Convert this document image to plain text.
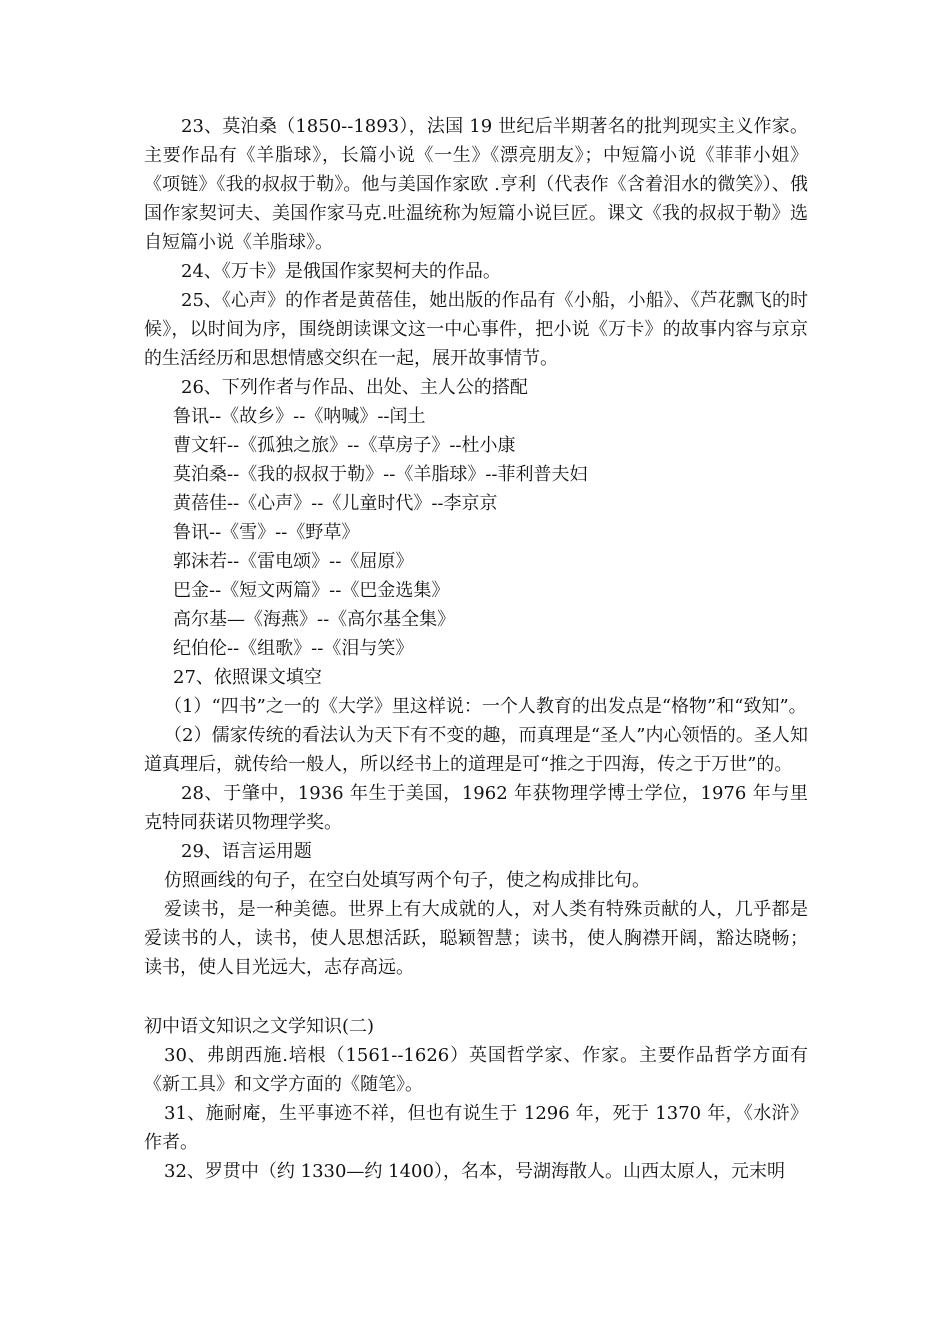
23、莫泊桑（1850--1893），法国 19 世纪后半期著名的批判现实主义作家。主要作品有《羊脂球》，长篇小说《一生》《漂亮朋友》；中短篇小说《菲菲小姐》《项链》《我的叔叔于勒》。他与美国作家欧 .亨利（代表作《含着泪水的微笑》）、俄国作家契诃夫、美国作家马克.吐温统称为短篇小说巨匠。课文《我的叔叔于勒》选自短篇小说《羊脂球》。

24、《万卡》是俄国作家契柯夫的作品。

25、《心声》的作者是黄蓓佳，她出版的作品有《小船，小船》、《芦花飘飞的时候》，以时间为序，围绕朗读课文这一中心事件，把小说《万卡》的故事内容与京京的生活经历和思想情感交织在一起，展开故事情节。

26、下列作者与作品、出处、主人公的搭配

鲁讯--《故乡》--《呐喊》--闰土

曹文轩--《孤独之旅》--《草房子》--杜小康

莫泊桑--《我的叔叔于勒》--《羊脂球》--菲利普夫妇

黄蓓佳--《心声》--《儿童时代》--李京京

鲁讯--《雪》--《野草》

郭沫若--《雷电颂》--《屈原》

巴金--《短文两篇》--《巴金选集》

高尔基—《海燕》--《高尔基全集》

纪伯伦--《组歌》--《泪与笑》

27、依照课文填空

（1）“四书”之一的《大学》里这样说：一个人教育的出发点是“格物”和“致知”。

（2）儒家传统的看法认为天下有不变的趣，而真理是“圣人”内心领悟的。圣人知道真理后，就传给一般人，所以经书上的道理是可“推之于四海，传之于万世”的。

28、于肇中，1936 年生于美国，1962 年获物理学博士学位，1976 年与里克特同获诺贝物理学奖。

29、语言运用题

仿照画线的句子，在空白处填写两个句子，使之构成排比句。

爱读书，是一种美德。世界上有大成就的人，对人类有特殊贡献的人，几乎都是爱读书的人，读书，使人思想活跃，聪颖智慧；读书，使人胸襟开阔，豁达晓畅；读书，使人目光远大，志存高远。

初中语文知识之文学知识(二)

30、弗朗西施.培根（1561--1626）英国哲学家、作家。主要作品哲学方面有《新工具》和文学方面的《随笔》。

31、施耐庵，生平事迹不祥，但也有说生于 1296 年，死于 1370 年，《水浒》作者。

32、罗贯中（约 1330—约 1400），名本，号湖海散人。山西太原人，元末明
